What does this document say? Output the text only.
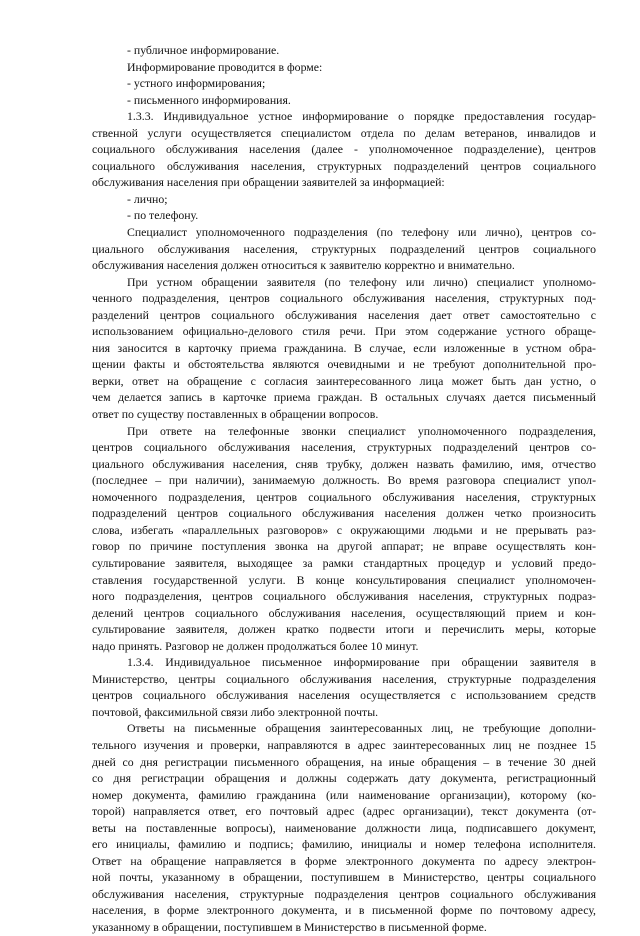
- публичное информирование.
Информирование проводится в форме:
- устного информирования;
- письменного информирования.
1.3.3. Индивидуальное устное информирование о порядке предоставления государ-
ственной услуги осуществляется специалистом отдела по делам ветеранов, инвалидов и
социального обслуживания населения (далее - уполномоченное подразделение), центров
социального обслуживания населения, структурных подразделений центров социального
обслуживания населения при обращении заявителей за информацией:
- лично;
- по телефону.
Специалист уполномоченного подразделения (по телефону или лично), центров со-
циального обслуживания населения, структурных подразделений центров социального
обслуживания населения должен относиться к заявителю корректно и внимательно.
При устном обращении заявителя (по телефону или лично) специалист уполномо-
ченного подразделения, центров социального обслуживания населения, структурных под-
разделений центров социального обслуживания населения дает ответ самостоятельно с
использованием официально-делового стиля речи. При этом содержание устного обраще-
ния заносится в карточку приема гражданина. В случае, если изложенные в устном обра-
щении факты и обстоятельства являются очевидными и не требуют дополнительной про-
верки, ответ на обращение с согласия заинтересованного лица может быть дан устно, о
чем делается запись в карточке приема граждан. В остальных случаях дается письменный
ответ по существу поставленных в обращении вопросов.
При ответе на телефонные звонки специалист уполномоченного подразделения,
центров социального обслуживания населения, структурных подразделений центров со-
циального обслуживания населения, сняв трубку, должен назвать фамилию, имя, отчество
(последнее – при наличии), занимаемую должность. Во время разговора специалист упол-
номоченного подразделения, центров социального обслуживания населения, структурных
подразделений центров социального обслуживания населения должен четко произносить
слова, избегать «параллельных разговоров» с окружающими людьми и не прерывать раз-
говор по причине поступления звонка на другой аппарат; не вправе осуществлять кон-
сультирование заявителя, выходящее за рамки стандартных процедур и условий предо-
ставления государственной услуги. В конце консультирования специалист уполномочен-
ного подразделения, центров социального обслуживания населения, структурных подраз-
делений центров социального обслуживания населения, осуществляющий прием и кон-
сультирование заявителя, должен кратко подвести итоги и перечислить меры, которые
надо принять. Разговор не должен продолжаться более 10 минут.
1.3.4. Индивидуальное письменное информирование при обращении заявителя в
Министерство, центры социального обслуживания населения, структурные подразделения
центров социального обслуживания населения осуществляется с использованием средств
почтовой, факсимильной связи либо электронной почты.
Ответы на письменные обращения заинтересованных лиц, не требующие дополни-
тельного изучения и проверки, направляются в адрес заинтересованных лиц не позднее 15
дней со дня регистрации письменного обращения, на иные обращения – в течение 30 дней
со дня регистрации обращения и должны содержать дату документа, регистрационный
номер документа, фамилию гражданина (или наименование организации), которому (ко-
торой) направляется ответ, его почтовый адрес (адрес организации), текст документа (от-
веты на поставленные вопросы), наименование должности лица, подписавшего документ,
его инициалы, фамилию и подпись; фамилию, инициалы и номер телефона исполнителя.
Ответ на обращение направляется в форме электронного документа по адресу электрон-
ной почты, указанному в обращении, поступившем в Министерство, центры социального
обслуживания населения, структурные подразделения центров социального обслуживания
населения, в форме электронного документа, и в письменной форме по почтовому адресу,
указанному в обращении, поступившем в Министерство в письменной форме.
